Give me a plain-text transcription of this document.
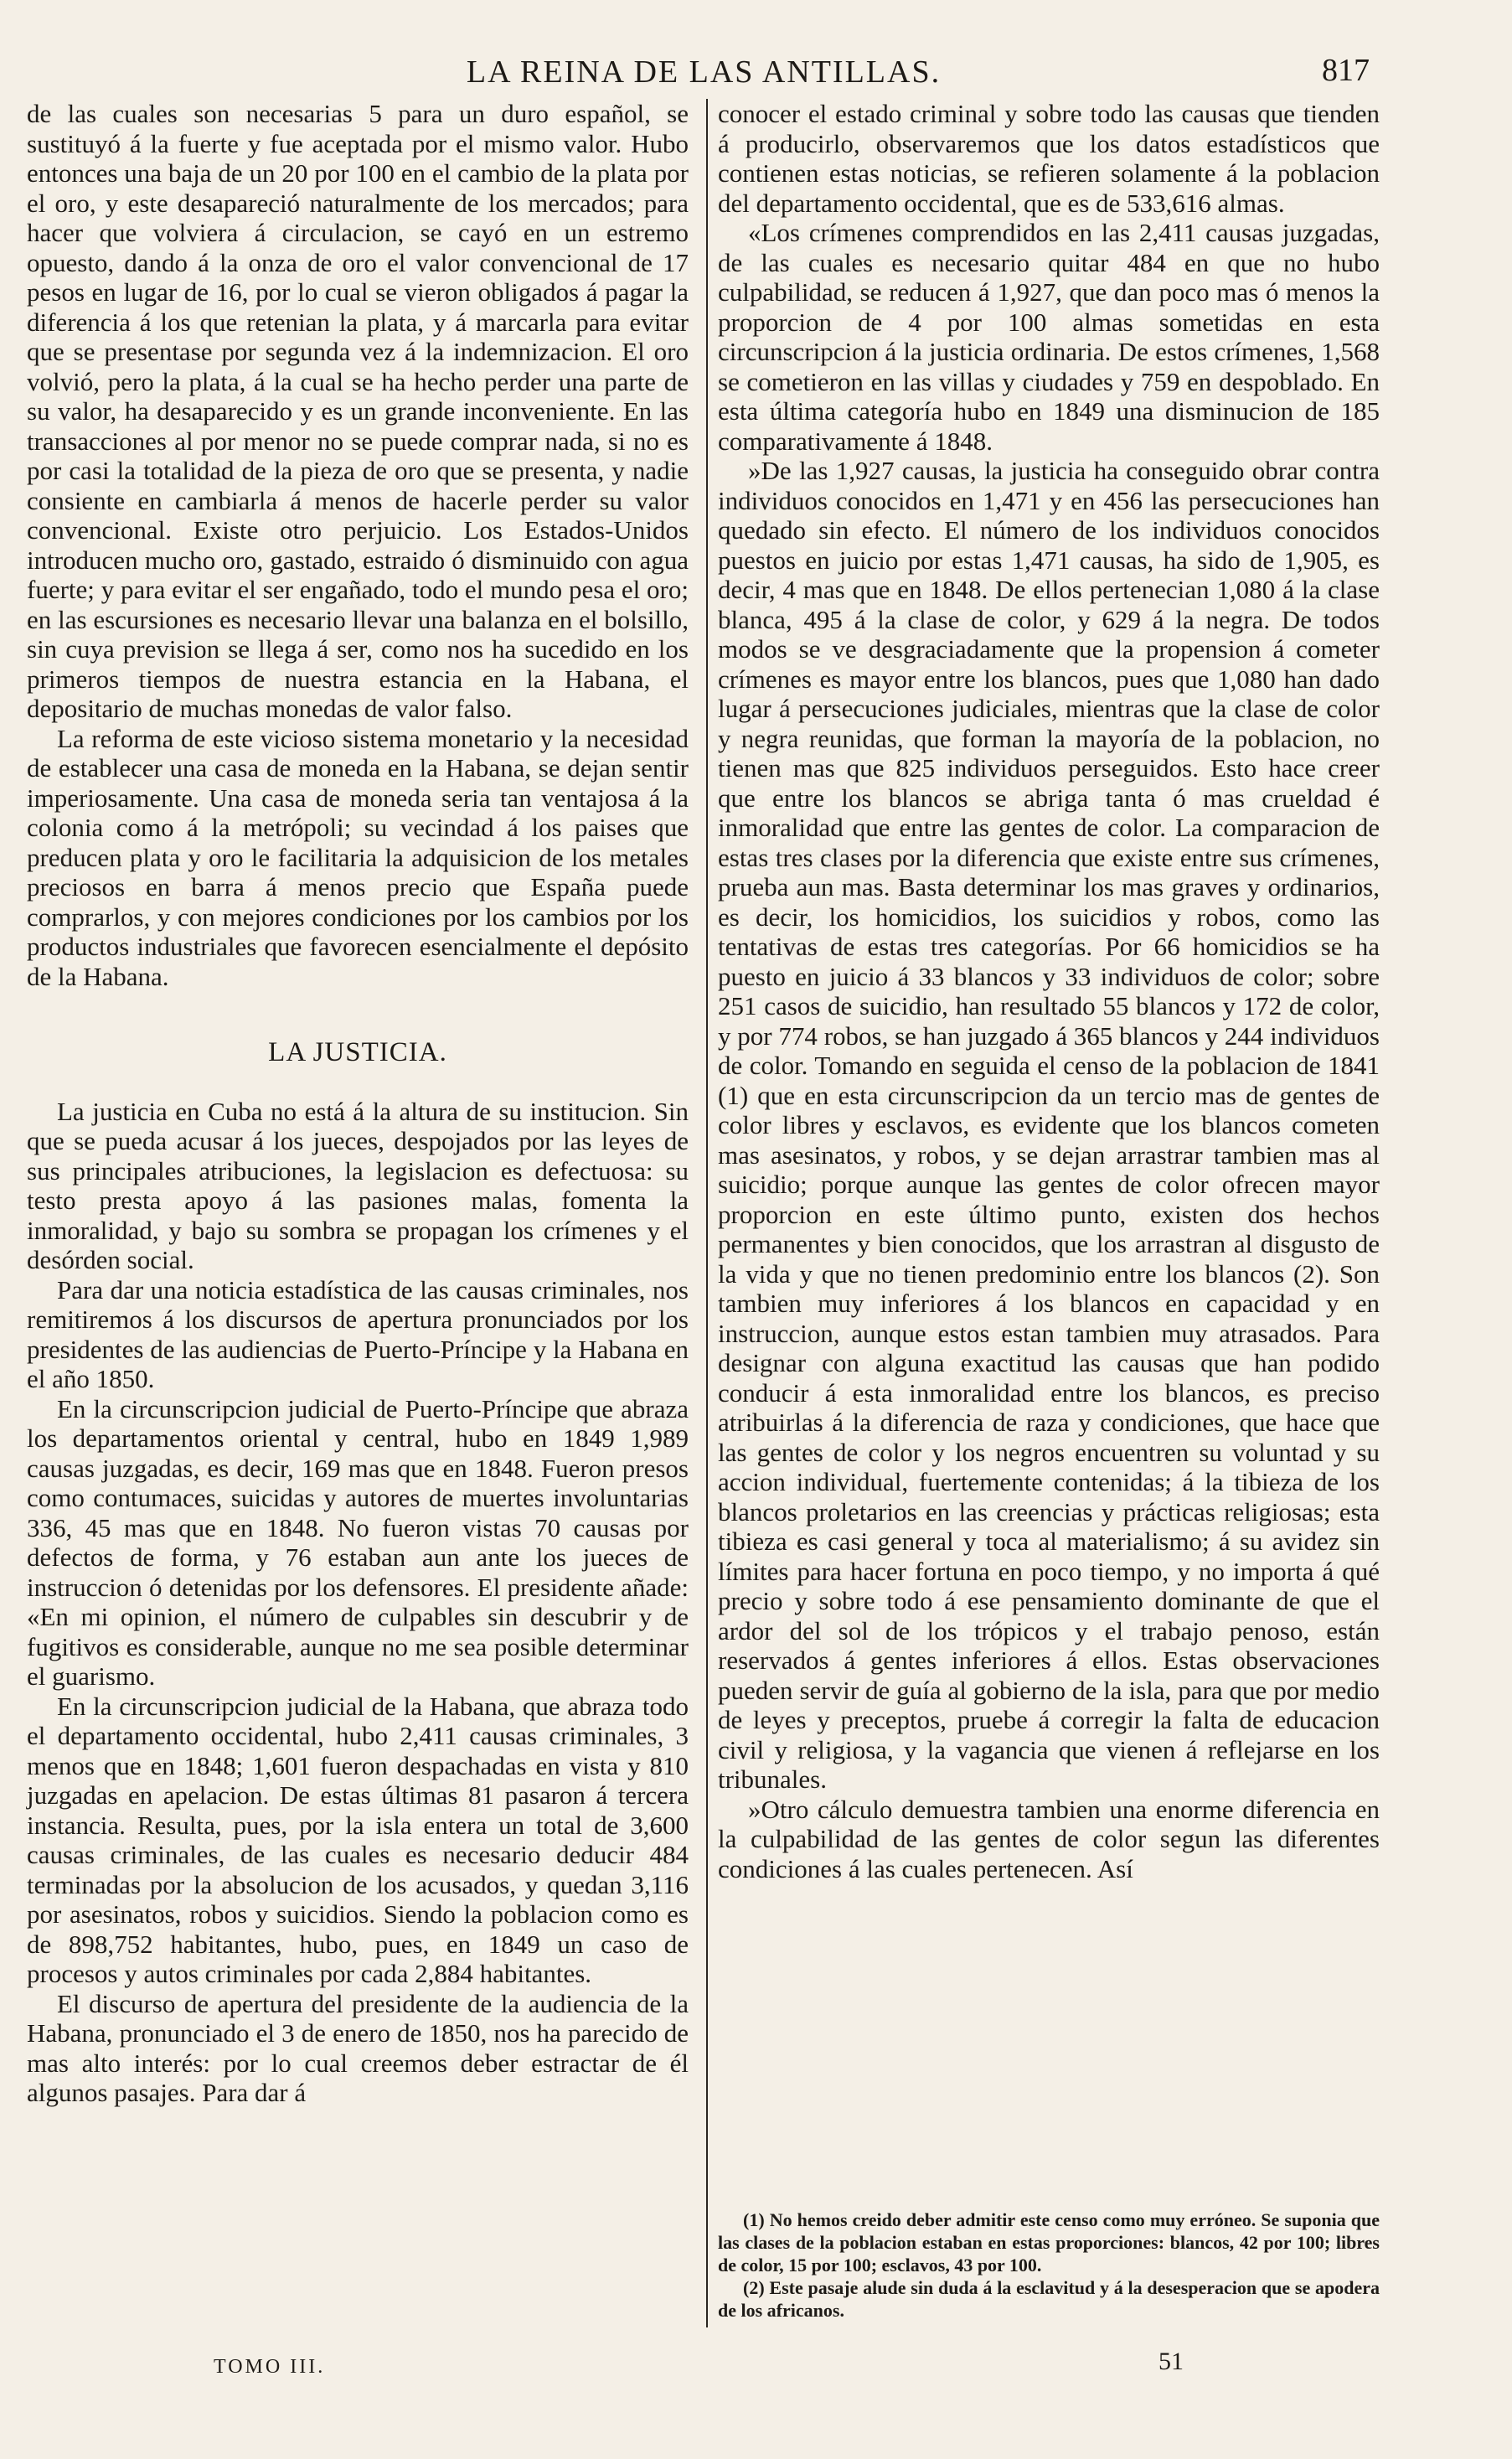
LA REINA DE LAS ANTILLAS.	817

de las cuales son necesarias 5 para un duro español, se sustituyó á la fuerte y fue aceptada por el mismo valor. Hubo entonces una baja de un 20 por 100 en el cambio de la plata por el oro, y este desapareció naturalmente de los mercados; para hacer que volviera á circulacion, se cayó en un estremo opuesto, dando á la onza de oro el valor convencional de 17 pesos en lugar de 16, por lo cual se vieron obligados á pagar la diferencia á los que retenian la plata, y á marcarla para evitar que se presentase por segunda vez á la indemnizacion. El oro volvió, pero la plata, á la cual se ha hecho perder una parte de su valor, ha desaparecido y es un grande inconveniente. En las transacciones al por menor no se puede comprar nada, si no es por casi la totalidad de la pieza de oro que se presenta, y nadie consiente en cambiarla á menos de hacerle perder su valor convencional. Existe otro perjuicio. Los Estados-Unidos introducen mucho oro, gastado, estraido ó disminuido con agua fuerte; y para evitar el ser engañado, todo el mundo pesa el oro; en las escursiones es necesario llevar una balanza en el bolsillo, sin cuya prevision se llega á ser, como nos ha sucedido en los primeros tiempos de nuestra estancia en la Habana, el depositario de muchas monedas de valor falso.

La reforma de este vicioso sistema monetario y la necesidad de establecer una casa de moneda en la Habana, se dejan sentir imperiosamente. Una casa de moneda seria tan ventajosa á la colonia como á la metrópoli; su vecindad á los paises que preducen plata y oro le facilitaria la adquisicion de los metales preciosos en barra á menos precio que España puede comprarlos, y con mejores condiciones por los cambios por los productos industriales que favorecen esencialmente el depósito de la Habana.

LA JUSTICIA.

La justicia en Cuba no está á la altura de su institucion. Sin que se pueda acusar á los jueces, despojados por las leyes de sus principales atribuciones, la legislacion es defectuosa: su testo presta apoyo á las pasiones malas, fomenta la inmoralidad, y bajo su sombra se propagan los crímenes y el desórden social.

Para dar una noticia estadística de las causas criminales, nos remitiremos á los discursos de apertura pronunciados por los presidentes de las audiencias de Puerto-Príncipe y la Habana en el año 1850.

En la circunscripcion judicial de Puerto-Príncipe que abraza los departamentos oriental y central, hubo en 1849 1,989 causas juzgadas, es decir, 169 mas que en 1848. Fueron presos como contumaces, suicidas y autores de muertes involuntarias 336, 45 mas que en 1848. No fueron vistas 70 causas por defectos de forma, y 76 estaban aun ante los jueces de instruccion ó detenidas por los defensores. El presidente añade: «En mi opinion, el número de culpables sin descubrir y de fugitivos es considerable, aunque no me sea posible determinar el guarismo.

En la circunscripcion judicial de la Habana, que abraza todo el departamento occidental, hubo 2,411 causas criminales, 3 menos que en 1848; 1,601 fueron despachadas en vista y 810 juzgadas en apelacion. De estas últimas 81 pasaron á tercera instancia. Resulta, pues, por la isla entera un total de 3,600 causas criminales, de las cuales es necesario deducir 484 terminadas por la absolucion de los acusados, y quedan 3,116 por asesinatos, robos y suicidios. Siendo la poblacion como es de 898,752 habitantes, hubo, pues, en 1849 un caso de procesos y autos criminales por cada 2,884 habitantes.

El discurso de apertura del presidente de la audiencia de la Habana, pronunciado el 3 de enero de 1850, nos ha parecido de mas alto interés: por lo cual creemos deber estractar de él algunos pasajes. Para dar á

conocer el estado criminal y sobre todo las causas que tienden á producirlo, observaremos que los datos estadísticos que contienen estas noticias, se refieren solamente á la poblacion del departamento occidental, que es de 533,616 almas.

«Los crímenes comprendidos en las 2,411 causas juzgadas, de las cuales es necesario quitar 484 en que no hubo culpabilidad, se reducen á 1,927, que dan poco mas ó menos la proporcion de 4 por 100 almas sometidas en esta circunscripcion á la justicia ordinaria. De estos crímenes, 1,568 se cometieron en las villas y ciudades y 759 en despoblado. En esta última categoría hubo en 1849 una disminucion de 185 comparativamente á 1848.

»De las 1,927 causas, la justicia ha conseguido obrar contra individuos conocidos en 1,471 y en 456 las persecuciones han quedado sin efecto. El número de los individuos conocidos puestos en juicio por estas 1,471 causas, ha sido de 1,905, es decir, 4 mas que en 1848. De ellos pertenecian 1,080 á la clase blanca, 495 á la clase de color, y 629 á la negra. De todos modos se ve desgraciadamente que la propension á cometer crímenes es mayor entre los blancos, pues que 1,080 han dado lugar á persecuciones judiciales, mientras que la clase de color y negra reunidas, que forman la mayoría de la poblacion, no tienen mas que 825 individuos perseguidos. Esto hace creer que entre los blancos se abriga tanta ó mas crueldad é inmoralidad que entre las gentes de color. La comparacion de estas tres clases por la diferencia que existe entre sus crímenes, prueba aun mas. Basta determinar los mas graves y ordinarios, es decir, los homicidios, los suicidios y robos, como las tentativas de estas tres categorías. Por 66 homicidios se ha puesto en juicio á 33 blancos y 33 individuos de color; sobre 251 casos de suicidio, han resultado 55 blancos y 172 de color, y por 774 robos, se han juzgado á 365 blancos y 244 individuos de color. Tomando en seguida el censo de la poblacion de 1841 (1) que en esta circunscripcion da un tercio mas de gentes de color libres y esclavos, es evidente que los blancos cometen mas asesinatos, y robos, y se dejan arrastrar tambien mas al suicidio; porque aunque las gentes de color ofrecen mayor proporcion en este último punto, existen dos hechos permanentes y bien conocidos, que los arrastran al disgusto de la vida y que no tienen predominio entre los blancos (2). Son tambien muy inferiores á los blancos en capacidad y en instruccion, aunque estos estan tambien muy atrasados. Para designar con alguna exactitud las causas que han podido conducir á esta inmoralidad entre los blancos, es preciso atribuirlas á la diferencia de raza y condiciones, que hace que las gentes de color y los negros encuentren su voluntad y su accion individual, fuertemente contenidas; á la tibieza de los blancos proletarios en las creencias y prácticas religiosas; esta tibieza es casi general y toca al materialismo; á su avidez sin límites para hacer fortuna en poco tiempo, y no importa á qué precio y sobre todo á ese pensamiento dominante de que el ardor del sol de los trópicos y el trabajo penoso, están reservados á gentes inferiores á ellos. Estas observaciones pueden servir de guía al gobierno de la isla, para que por medio de leyes y preceptos, pruebe á corregir la falta de educacion civil y religiosa, y la vagancia que vienen á reflejarse en los tribunales.

»Otro cálculo demuestra tambien una enorme diferencia en la culpabilidad de las gentes de color segun las diferentes condiciones á las cuales pertenecen. Así

(1) No hemos creido deber admitir este censo como muy erróneo. Se suponia que las clases de la poblacion estaban en estas proporciones: blancos, 42 por 100; libres de color, 15 por 100; esclavos, 43 por 100.

(2) Este pasaje alude sin duda á la esclavitud y á la desesperacion que se apodera de los africanos.

TOMO III.	51
